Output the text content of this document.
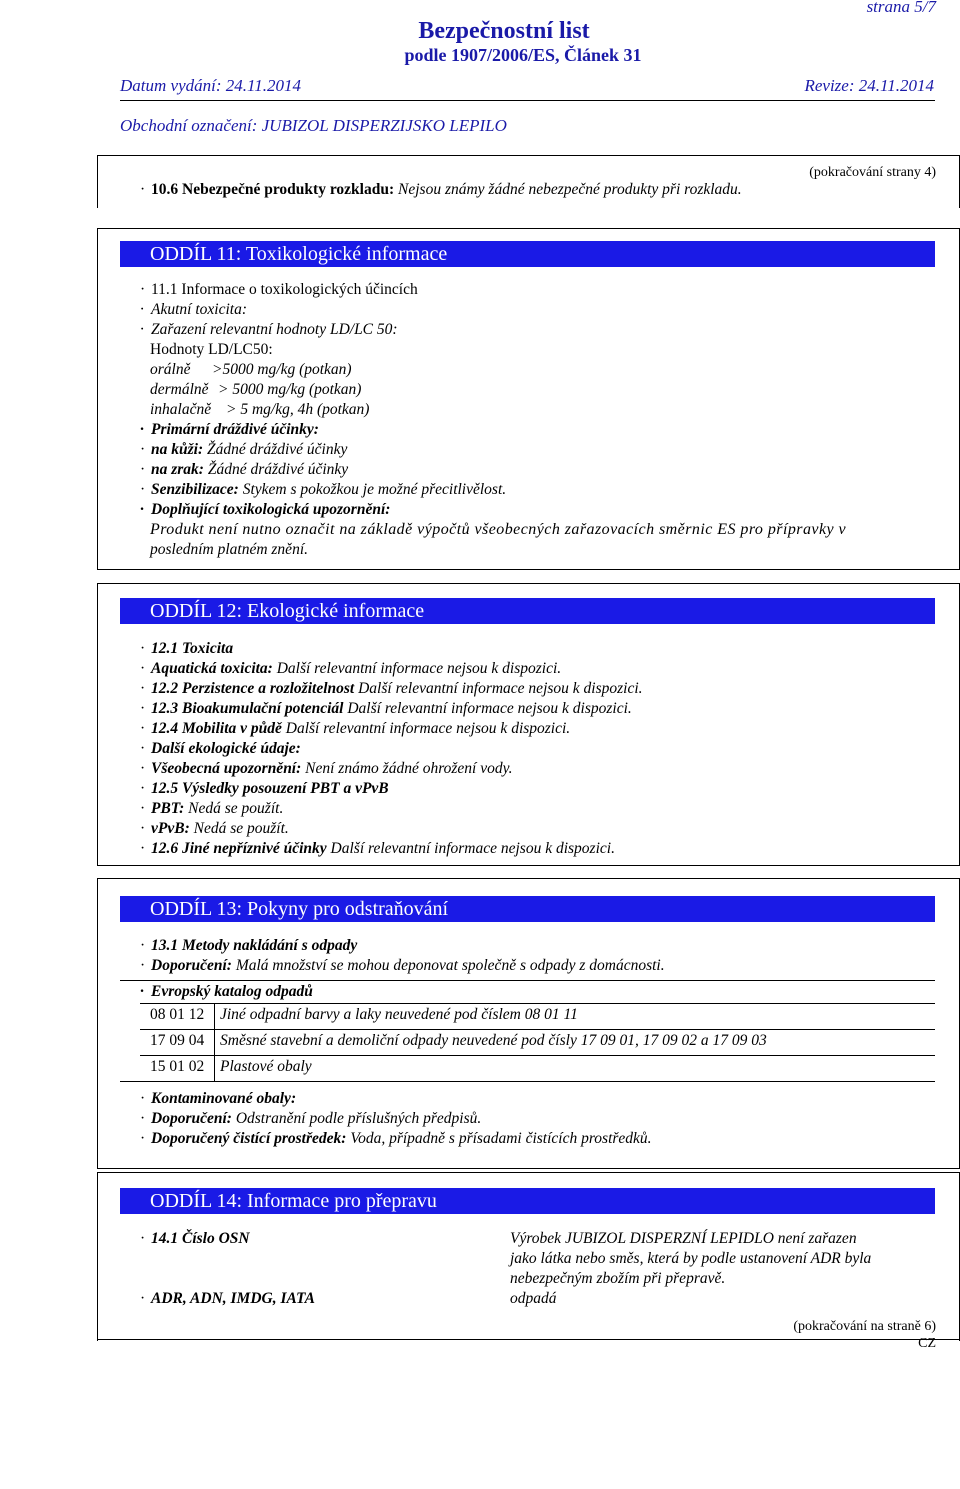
strana 5/7
Bezpečnostní list
podle 1907/2006/ES, Článek 31
Datum vydání: 24.11.2014	Revize: 24.11.2014
Obchodní označení: JUBIZOL DISPERZIJSKO LEPILO
(pokračování strany 4)
· 10.6 Nebezpečné produkty rozkladu: Nejsou známy žádné nebezpečné produkty při rozkladu.
ODDÍL 11: Toxikologické informace
· 11.1 Informace o toxikologických účincích
· Akutní toxicita:
· Zařazení relevantní hodnoty LD/LC 50:
Hodnoty LD/LC50:
orálně >5000 mg/kg (potkan)
dermálně > 5000 mg/kg (potkan)
inhalačně > 5 mg/kg, 4h (potkan)
· Primární dráždivé účinky:
· na kůži: Žádné dráždivé účinky
· na zrak: Žádné dráždivé účinky
· Senzibilizace: Stykem s pokožkou je možné přecitlivělost.
· Doplňující toxikologická upozornění:
Produkt není nutno označit na základě výpočtů všeobecných zařazovacích směrnic ES pro přípravky v
posledním platném znění.
ODDÍL 12: Ekologické informace
· 12.1 Toxicita
· Aquatická toxicita: Další relevantní informace nejsou k dispozici.
· 12.2 Perzistence a rozložitelnost Další relevantní informace nejsou k dispozici.
· 12.3 Bioakumulační potenciál Další relevantní informace nejsou k dispozici.
· 12.4 Mobilita v půdě Další relevantní informace nejsou k dispozici.
· Další ekologické údaje:
· Všeobecná upozornění: Není známo žádné ohrožení vody.
· 12.5 Výsledky posouzení PBT a vPvB
· PBT: Nedá se použít.
· vPvB: Nedá se použít.
· 12.6 Jiné nepříznivé účinky Další relevantní informace nejsou k dispozici.
ODDÍL 13: Pokyny pro odstraňování
· 13.1 Metody nakládání s odpady
· Doporučení: Malá množství se mohou deponovat společně s odpady z domácnosti.
· Evropský katalog odpadů
08 01 12 Jiné odpadní barvy a laky neuvedené pod číslem 08 01 11
17 09 04 Směsné stavební a demoliční odpady neuvedené pod čísly 17 09 01, 17 09 02 a 17 09 03
15 01 02 Plastové obaly
· Kontaminované obaly:
· Doporučení: Odstranění podle příslušných předpisů.
· Doporučený čistící prostředek: Voda, případně s přísadami čistících prostředků.
ODDÍL 14: Informace pro přepravu
· 14.1 Číslo OSN	Výrobek JUBIZOL DISPERZNÍ LEPIDLO není zařazen
jako látka nebo směs, která by podle ustanovení ADR byla
nebezpečným zbožím při přepravě.
· ADR, ADN, IMDG, IATA	odpadá
(pokračování na straně 6)
CZ
